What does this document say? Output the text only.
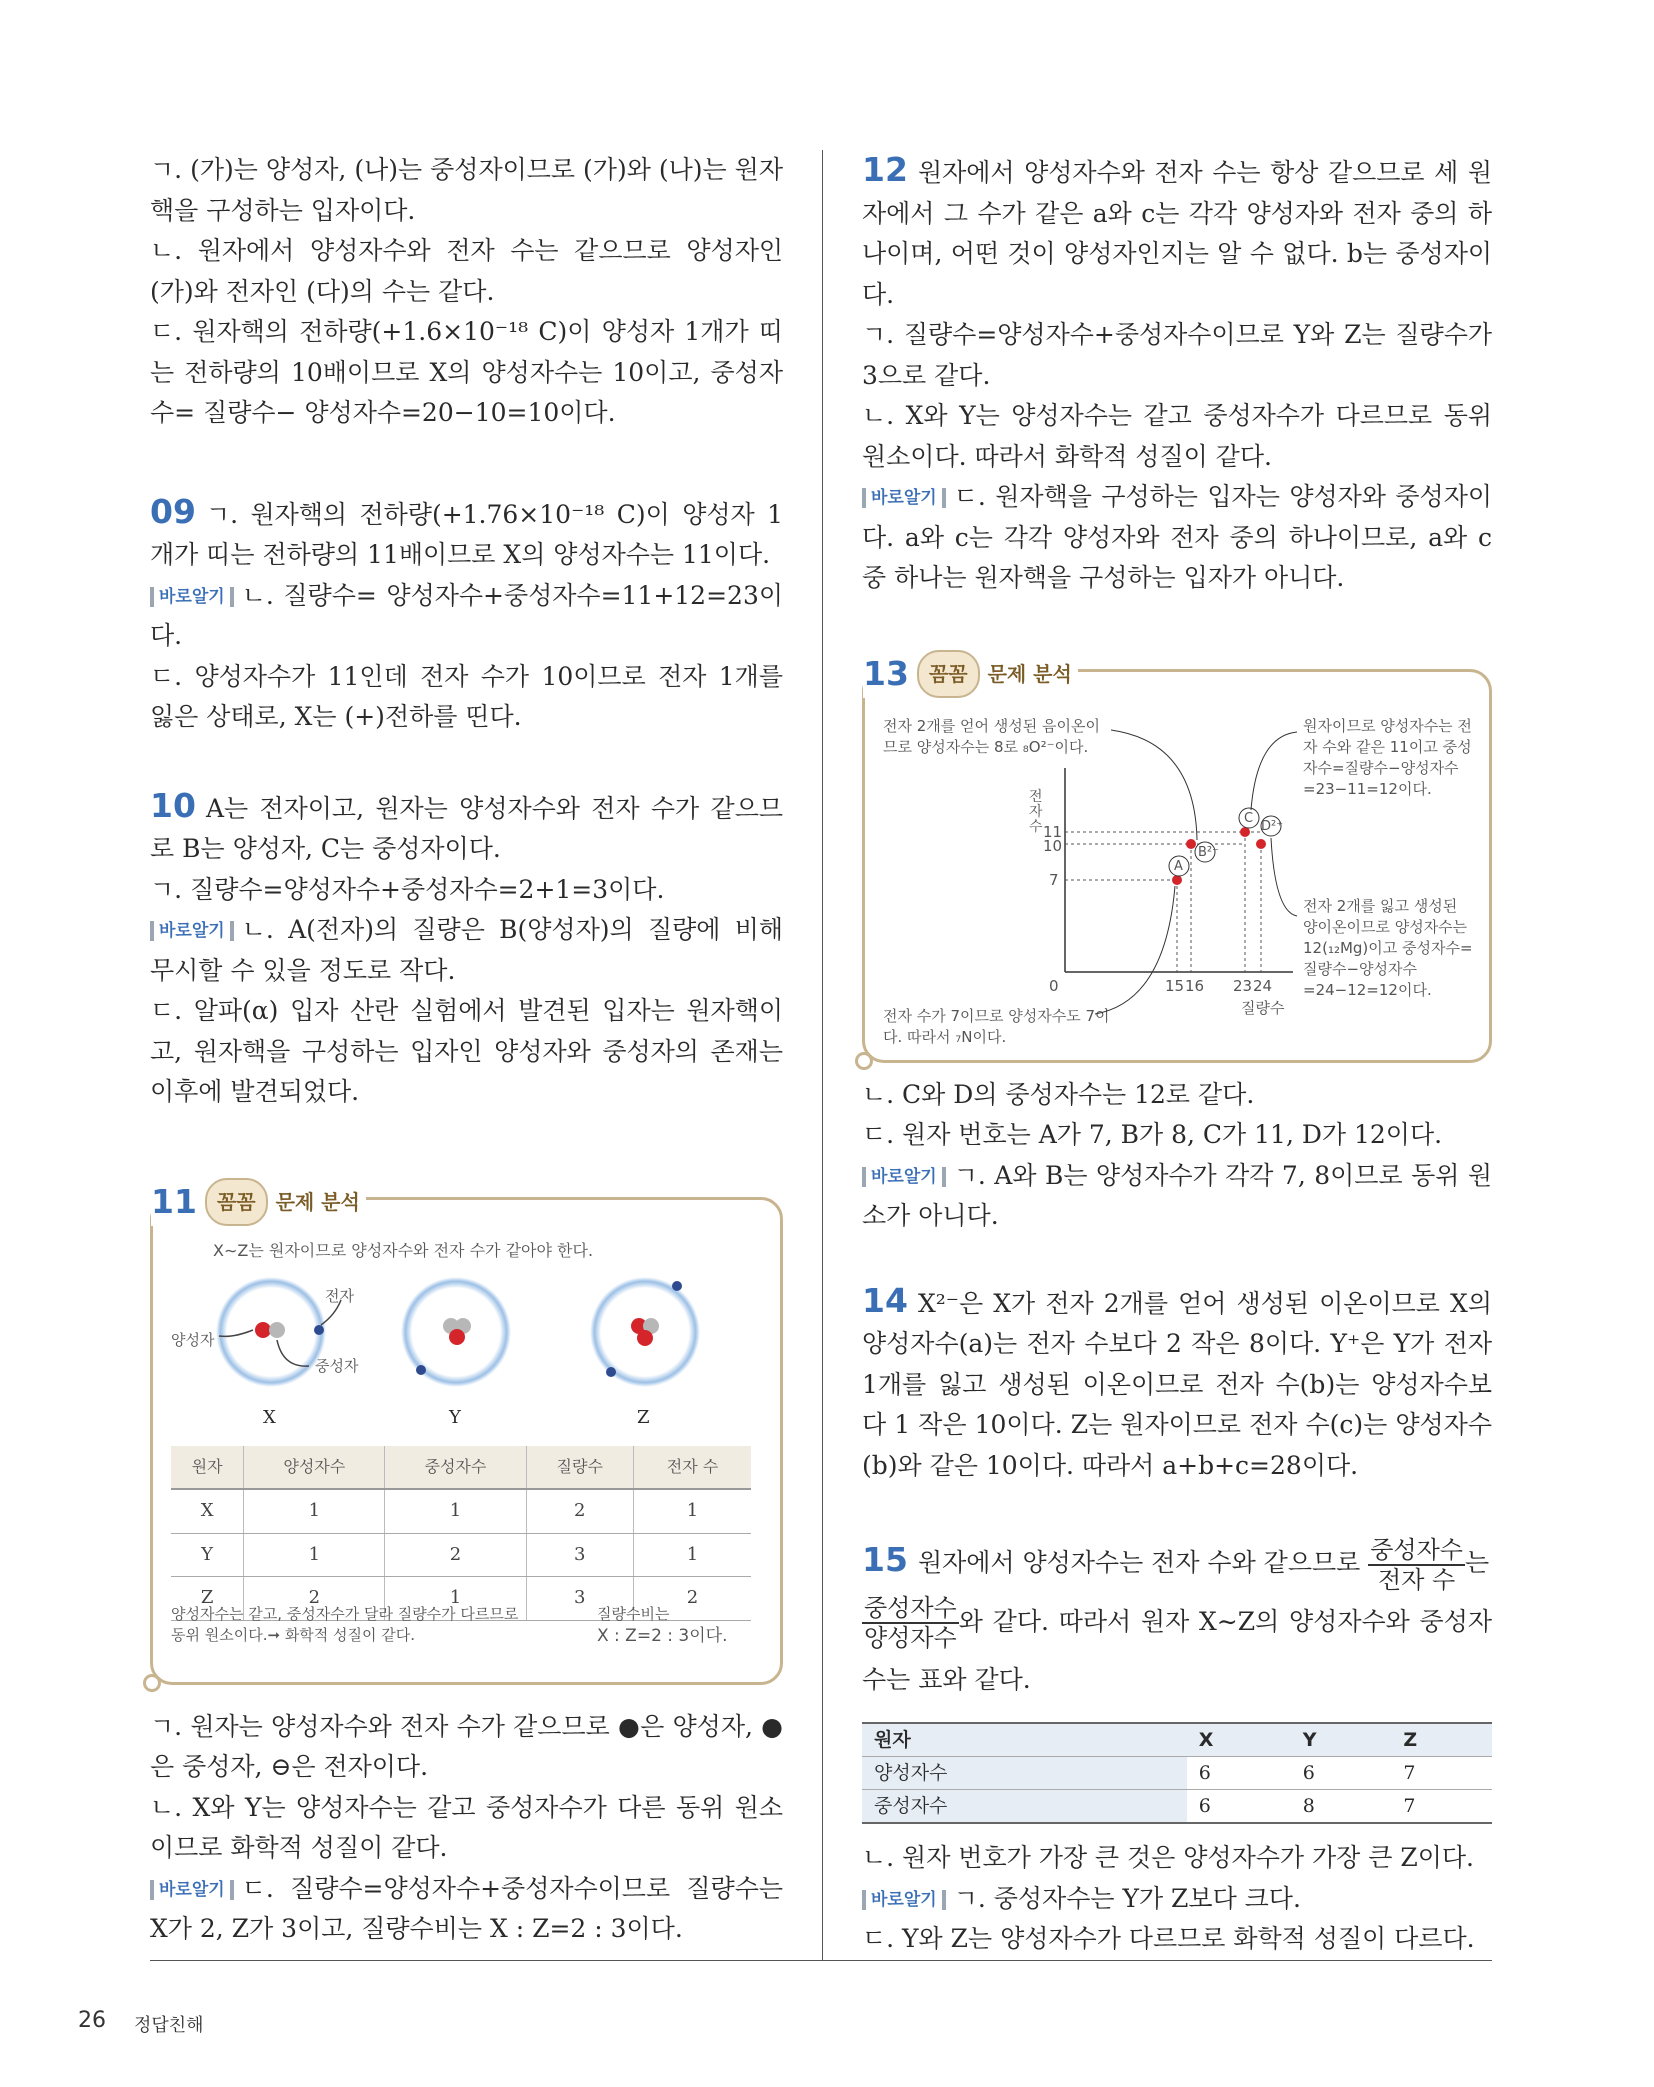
ㄱ. (가)는 양성자, (나)는 중성자이므로 (가)와 (나)는 원자핵을 구성하는 입자이다.

ㄴ. 원자에서 양성자수와 전자 수는 같으므로 양성자인 (가)와 전자인 (다)의 수는 같다.

ㄷ. 원자핵의 전하량(+1.6×10⁻¹⁸ C)이 양성자 1개가 띠는 전하량의 10배이므로 X의 양성자수는 10이고, 중성자수= 질량수− 양성자수=20−10=10이다.

09 ㄱ. 원자핵의 전하량(+1.76×10⁻¹⁸ C)이 양성자 1개가 띠는 전하량의 11배이므로 X의 양성자수는 11이다.

바로알기 ㄴ. 질량수= 양성자수+중성자수=11+12=23이다.

ㄷ. 양성자수가 11인데 전자 수가 10이므로 전자 1개를 잃은 상태로, X는 (+)전하를 띤다.

10 A는 전자이고, 원자는 양성자수와 전자 수가 같으므로 B는 양성자, C는 중성자이다.

ㄱ. 질량수=양성자수+중성자수=2+1=3이다.

바로알기 ㄴ. A(전자)의 질량은 B(양성자)의 질량에 비해 무시할 수 있을 정도로 작다.

ㄷ. 알파(α) 입자 산란 실험에서 발견된 입자는 원자핵이고, 원자핵을 구성하는 입자인 양성자와 중성자의 존재는 이후에 발견되었다.

11	꼼꼼	문제 분석
X∼Z는 원자이므로 양성자수와 전자 수가 같아야 한다.
양성자
전자
중성자
X	Y	Z
원자	양성자수	중성자수	질량수	전자 수
X	1	1	2	1
Y	1	2	3	1
Z	2	1	3	2
양성자수는 같고, 중성자수가 달라 질량수가 다르므로 동위 원소이다.➞ 화학적 성질이 같다.
질량수비는
X : Z=2 : 3이다.

ㄱ. 원자는 양성자수와 전자 수가 같으므로 ●은 양성자, ●은 중성자, ⊖은 전자이다.

ㄴ. X와 Y는 양성자수는 같고 중성자수가 다른 동위 원소이므로 화학적 성질이 같다.

바로알기 ㄷ. 질량수=양성자수+중성자수이므로 질량수는 X가 2, Z가 3이고, 질량수비는 X : Z=2 : 3이다.

12 원자에서 양성자수와 전자 수는 항상 같으므로 세 원자에서 그 수가 같은 a와 c는 각각 양성자와 전자 중의 하나이며, 어떤 것이 양성자인지는 알 수 없다. b는 중성자이다.

ㄱ. 질량수=양성자수+중성자수이므로 Y와 Z는 질량수가 3으로 같다.

ㄴ. X와 Y는 양성자수는 같고 중성자수가 다르므로 동위 원소이다. 따라서 화학적 성질이 같다.

바로알기 ㄷ. 원자핵을 구성하는 입자는 양성자와 중성자이다. a와 c는 각각 양성자와 전자 중의 하나이므로, a와 c 중 하나는 원자핵을 구성하는 입자가 아니다.

13	꼼꼼	문제 분석
전자 2개를 얻어 생성된 음이온이므로 양성자수는 8로 ₈O²⁻이다.
원자이므로 양성자수는 전자 수와 같은 11이고 중성자수=질량수−양성자수=23−11=12이다.
전자 2개를 잃고 생성된 양이온이므로 양성자수는 12(₁₂Mg)이고 중성자수=질량수−양성자수=24−12=12이다.
전자 수가 7이므로 양성자수도 7이다. 따라서 ₇N이다.
전자 수 11
10
7
0	15 16 23 24
질량수
A
B²⁻
C
D²⁺

ㄴ. C와 D의 중성자수는 12로 같다.

ㄷ. 원자 번호는 A가 7, B가 8, C가 11, D가 12이다.

바로알기 ㄱ. A와 B는 양성자수가 각각 7, 8이므로 동위 원소가 아니다.

14 X²⁻은 X가 전자 2개를 얻어 생성된 이온이므로 X의 양성자수(a)는 전자 수보다 2 작은 8이다. Y⁺은 Y가 전자 1개를 잃고 생성된 이온이므로 전자 수(b)는 양성자수보다 1 작은 10이다. Z는 원자이므로 전자 수(c)는 양성자수(b)와 같은 10이다. 따라서 a+b+c=28이다.

15 원자에서 양성자수는 전자 수와 같으므로 $\frac{\text{중성자수}}{\text{전자 수}}$ 는

$\frac{\text{중성자수}}{\text{양성자수}}$ 와 같다. 따라서 원자 X∼Z의 양성자수와 중성자수는 표와 같다.

원자	X	Y	Z
양성자수	6	6	7
중성자수	6	8	7

ㄴ. 원자 번호가 가장 큰 것은 양성자수가 가장 큰 Z이다.

바로알기 ㄱ. 중성자수는 Y가 Z보다 크다.

ㄷ. Y와 Z는 양성자수가 다르므로 화학적 성질이 다르다.

26 정답친해
